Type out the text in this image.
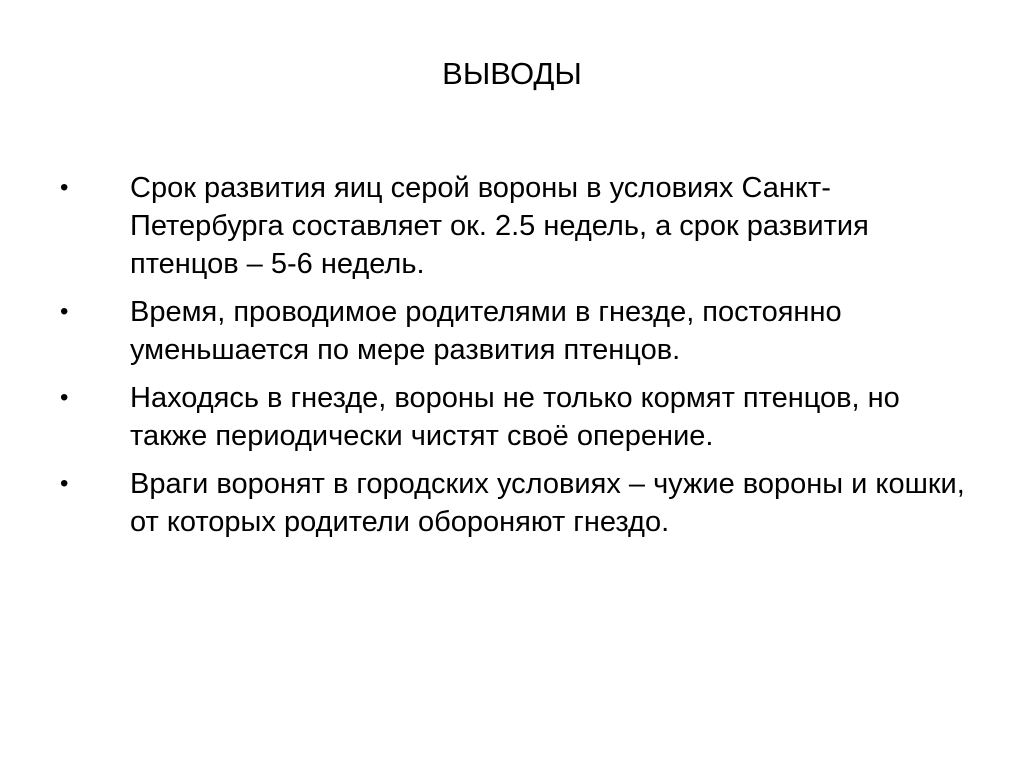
ВЫВОДЫ
•	Срок развития яиц серой вороны в условиях Санкт-Петербурга составляет ок. 2.5 недель, а срок развития птенцов – 5-6 недель.
•	Время, проводимое родителями в гнезде, постоянно уменьшается по мере развития птенцов.
•	Находясь в гнезде, вороны не только кормят птенцов, но также периодически чистят своё оперение.
•	Враги воронят в городских условиях – чужие вороны и кошки, от которых родители обороняют гнездо.
